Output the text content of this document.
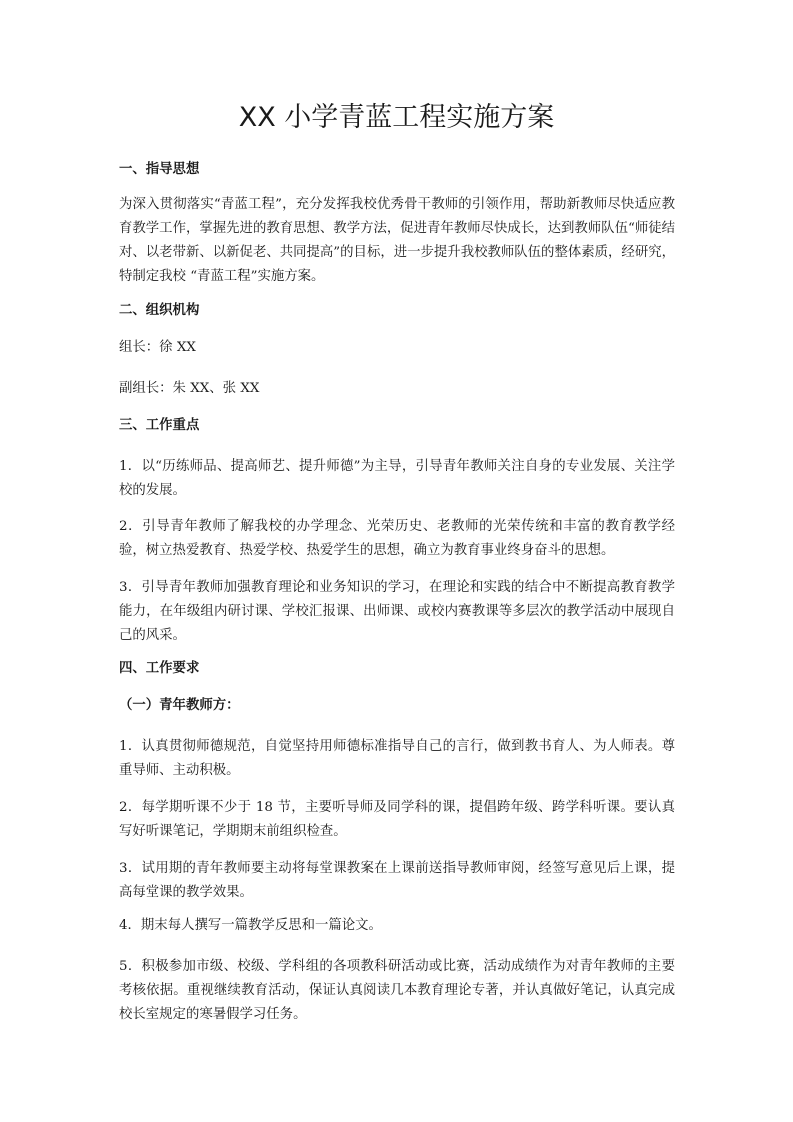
XX 小学青蓝工程实施方案

一、指导思想

为深入贯彻落实“青蓝工程”，充分发挥我校优秀骨干教师的引领作用，帮助新教师尽快适应教育教学工作，掌握先进的教育思想、教学方法，促进青年教师尽快成长，达到教师队伍“师徒结对、以老带新、以新促老、共同提高”的目标，进一步提升我校教师队伍的整体素质，经研究，特制定我校 “青蓝工程”实施方案。

二、组织机构

组长：徐 XX

副组长：朱 XX、张 XX

三、工作重点

1．以“历练师品、提高师艺、提升师德”为主导，引导青年教师关注自身的专业发展、关注学校的发展。

2．引导青年教师了解我校的办学理念、光荣历史、老教师的光荣传统和丰富的教育教学经验，树立热爱教育、热爱学校、热爱学生的思想，确立为教育事业终身奋斗的思想。

3．引导青年教师加强教育理论和业务知识的学习，在理论和实践的结合中不断提高教育教学能力，在年级组内研讨课、学校汇报课、出师课、或校内赛教课等多层次的教学活动中展现自己的风采。

四、工作要求

（一）青年教师方：

1．认真贯彻师德规范，自觉坚持用师德标准指导自己的言行，做到教书育人、为人师表。尊重导师、主动积极。

2．每学期听课不少于 18 节，主要听导师及同学科的课，提倡跨年级、跨学科听课。要认真写好听课笔记，学期期末前组织检查。

3．试用期的青年教师要主动将每堂课教案在上课前送指导教师审阅，经签写意见后上课，提高每堂课的教学效果。

4．期末每人撰写一篇教学反思和一篇论文。

5．积极参加市级、校级、学科组的各项教科研活动或比赛，活动成绩作为对青年教师的主要考核依据。重视继续教育活动，保证认真阅读几本教育理论专著，并认真做好笔记，认真完成校长室规定的寒暑假学习任务。
